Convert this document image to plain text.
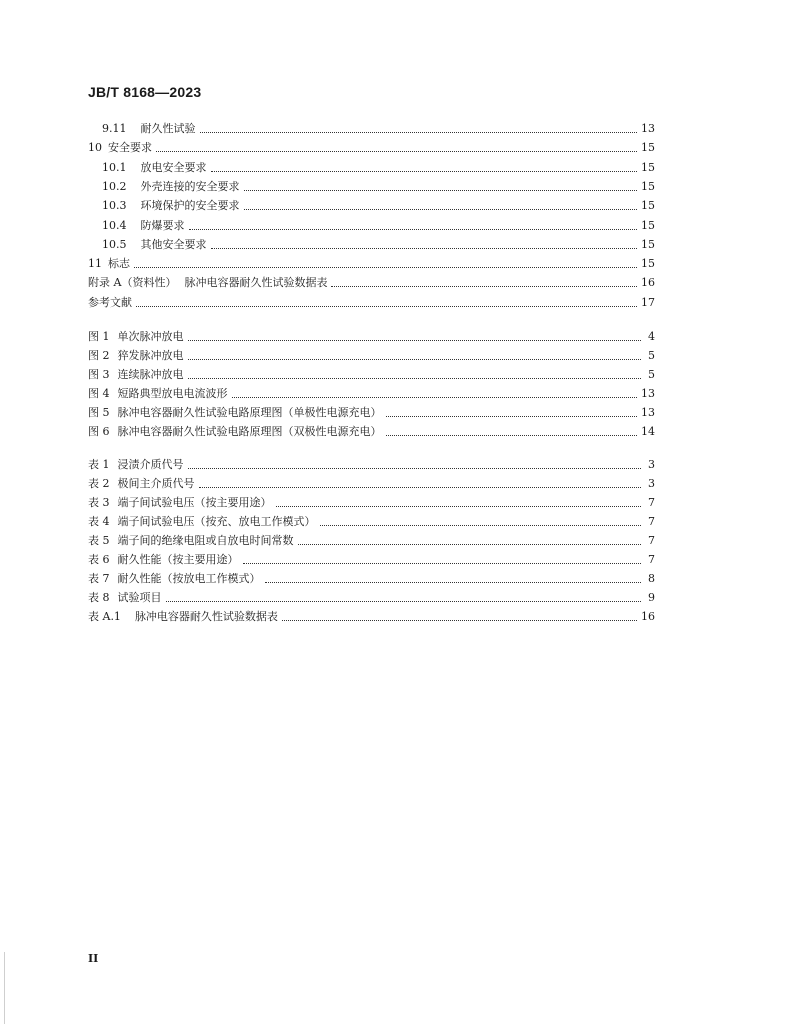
JB/T 8168—2023
9.11 耐久性试验	13
10 安全要求	15
10.1 放电安全要求	15
10.2 外壳连接的安全要求	15
10.3 环境保护的安全要求	15
10.4 防爆要求	15
10.5 其他安全要求	15
11 标志	15
附录 A（资料性） 脉冲电容器耐久性试验数据表	16
参考文献	17
图 1 单次脉冲放电	4
图 2 猝发脉冲放电	5
图 3 连续脉冲放电	5
图 4 短路典型放电电流波形	13
图 5 脉冲电容器耐久性试验电路原理图（单极性电源充电）	13
图 6 脉冲电容器耐久性试验电路原理图（双极性电源充电）	14
表 1 浸渍介质代号	3
表 2 极间主介质代号	3
表 3 端子间试验电压（按主要用途）	7
表 4 端子间试验电压（按充、放电工作模式）	7
表 5 端子间的绝缘电阻或自放电时间常数	7
表 6 耐久性能（按主要用途）	7
表 7 耐久性能（按放电工作模式）	8
表 8 试验项目	9
表 A.1 脉冲电容器耐久性试验数据表	16
II
